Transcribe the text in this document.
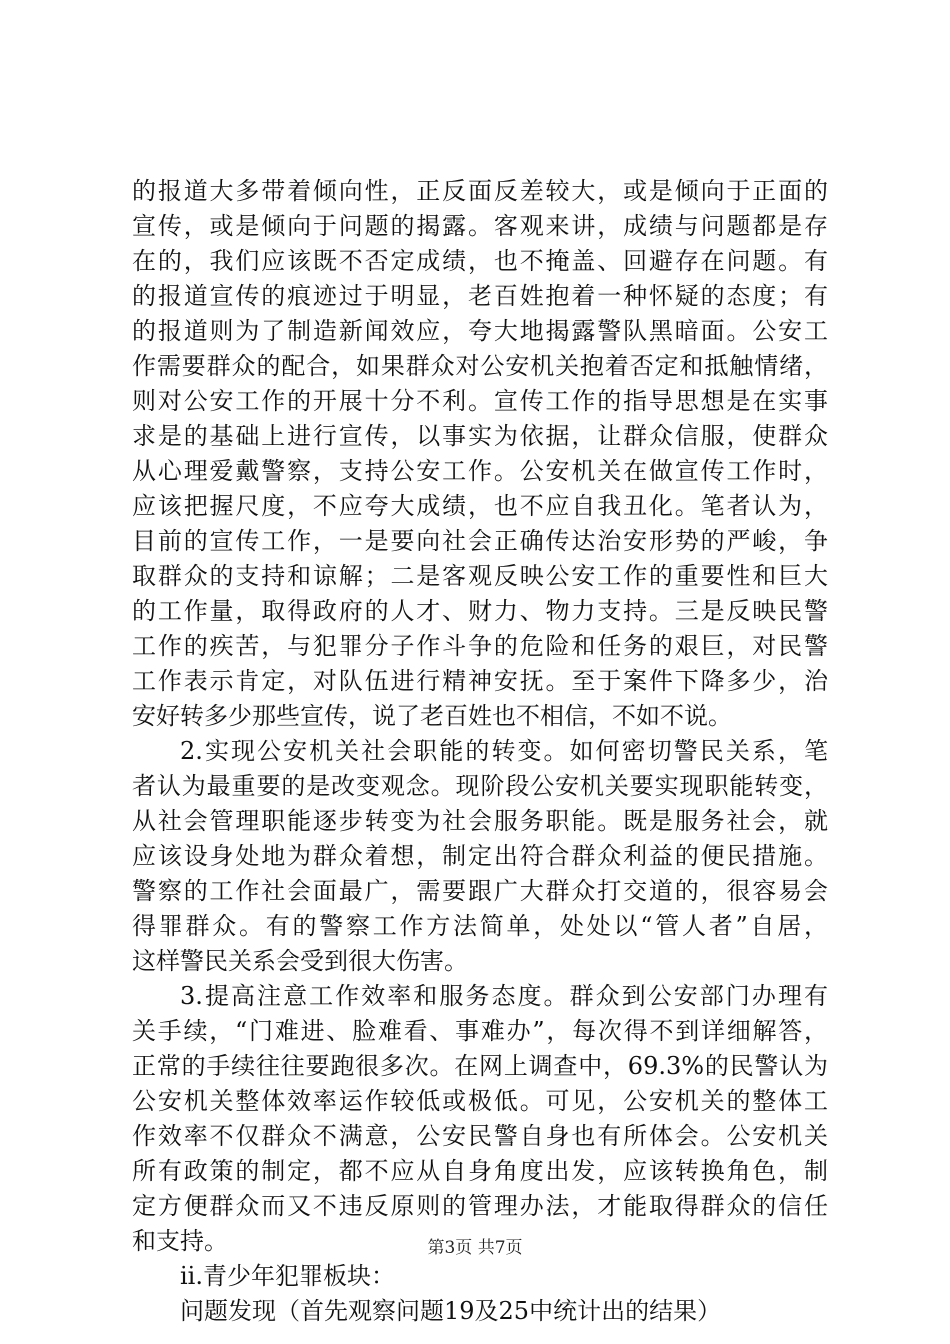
的报道大多带着倾向性，正反面反差较大，或是倾向于正面的
宣传，或是倾向于问题的揭露。客观来讲，成绩与问题都是存
在的，我们应该既不否定成绩，也不掩盖、回避存在问题。有
的报道宣传的痕迹过于明显，老百姓抱着一种怀疑的态度；有
的报道则为了制造新闻效应，夸大地揭露警队黑暗面。公安工
作需要群众的配合，如果群众对公安机关抱着否定和抵触情绪，
则对公安工作的开展十分不利。宣传工作的指导思想是在实事
求是的基础上进行宣传，以事实为依据，让群众信服，使群众
从心理爱戴警察，支持公安工作。公安机关在做宣传工作时，
应该把握尺度，不应夸大成绩，也不应自我丑化。笔者认为，
目前的宣传工作，一是要向社会正确传达治安形势的严峻，争
取群众的支持和谅解；二是客观反映公安工作的重要性和巨大
的工作量，取得政府的人才、财力、物力支持。三是反映民警
工作的疾苦，与犯罪分子作斗争的危险和任务的艰巨，对民警
工作表示肯定，对队伍进行精神安抚。至于案件下降多少，治
安好转多少那些宣传，说了老百姓也不相信，不如不说。
2.实现公安机关社会职能的转变。如何密切警民关系，笔
者认为最重要的是改变观念。现阶段公安机关要实现职能转变，
从社会管理职能逐步转变为社会服务职能。既是服务社会，就
应该设身处地为群众着想，制定出符合群众利益的便民措施。
警察的工作社会面最广，需要跟广大群众打交道的，很容易会
得罪群众。有的警察工作方法简单，处处以“管人者”自居，
这样警民关系会受到很大伤害。
3.提高注意工作效率和服务态度。群众到公安部门办理有
关手续，“门难进、脸难看、事难办”，每次得不到详细解答，
正常的手续往往要跑很多次。在网上调查中，69.3%的民警认为
公安机关整体效率运作较低或极低。可见，公安机关的整体工
作效率不仅群众不满意，公安民警自身也有所体会。公安机关
所有政策的制定，都不应从自身角度出发，应该转换角色，制
定方便群众而又不违反原则的管理办法，才能取得群众的信任
和支持。
ii.青少年犯罪板块：
问题发现（首先观察问题19及25中统计出的结果）
第3页 共7页
